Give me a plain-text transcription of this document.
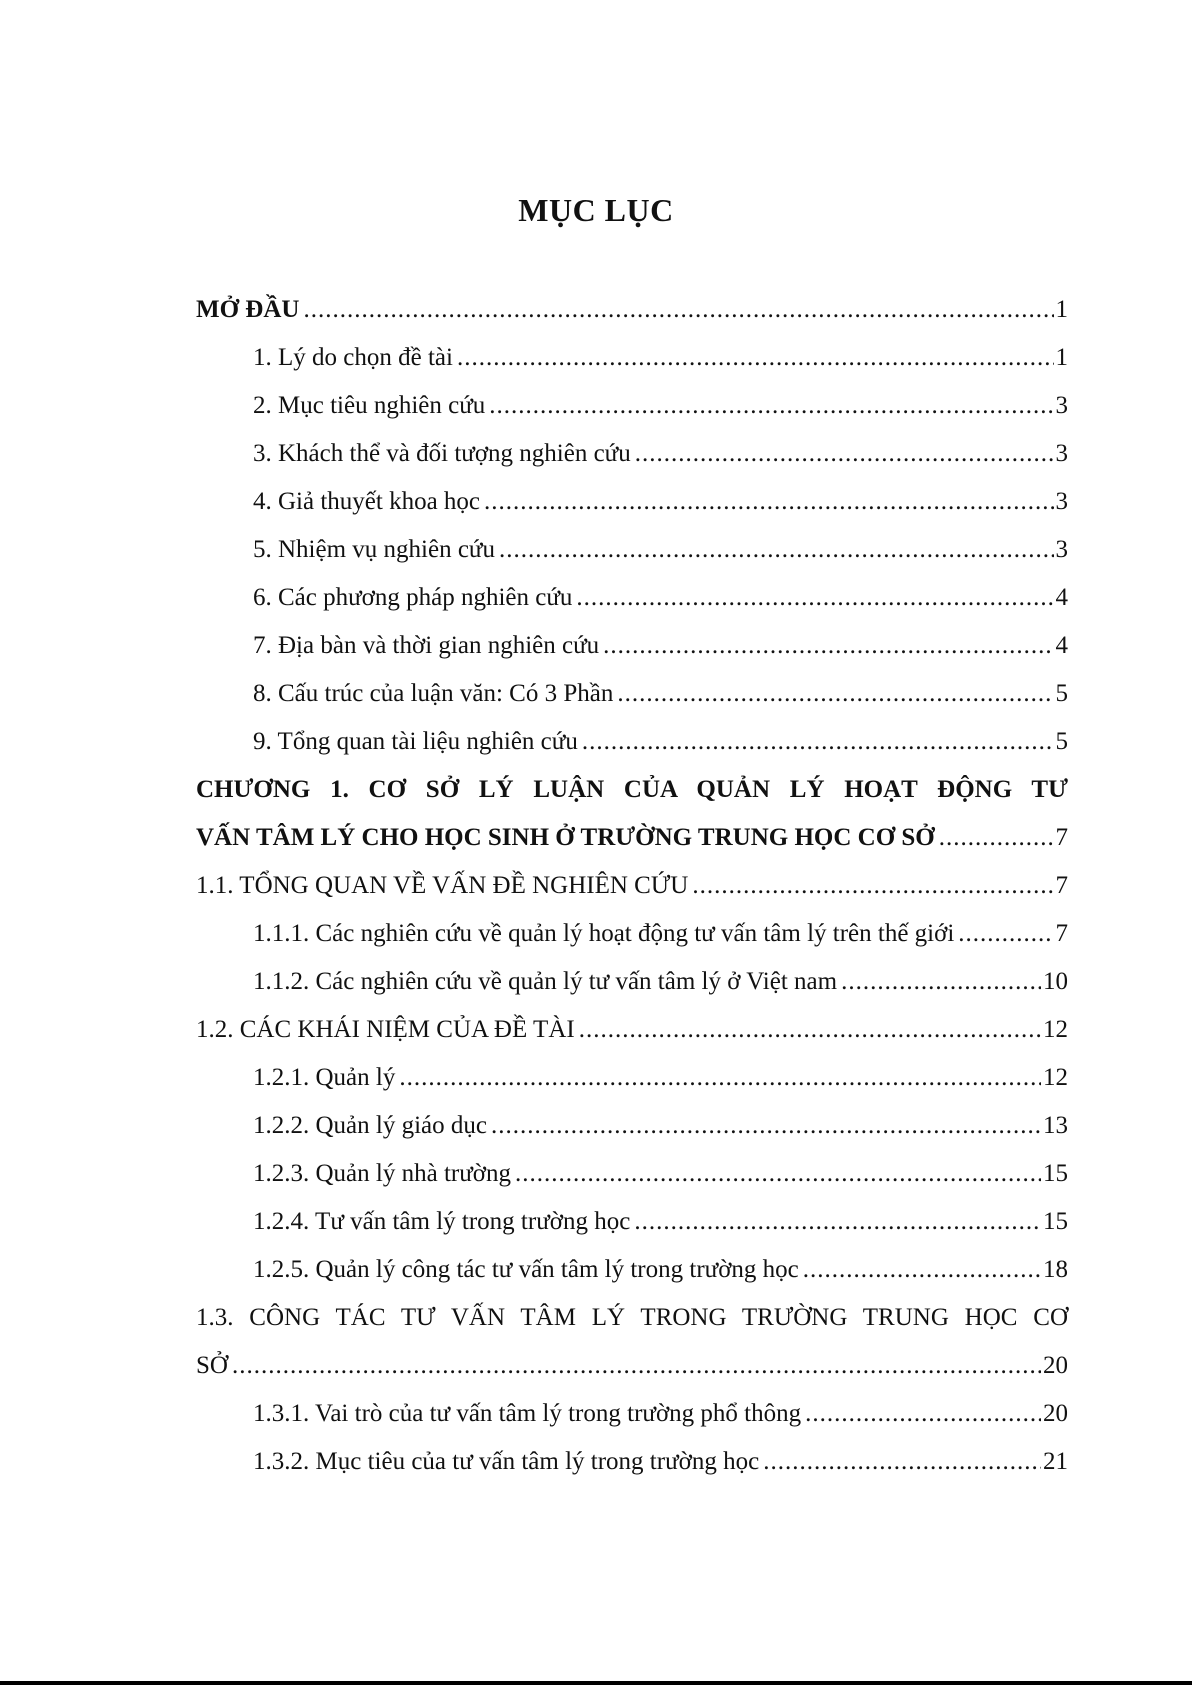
MỤC LỤC
MỞ ĐẦU .....	1
1. Lý do chọn đề tài .....	1
2. Mục tiêu nghiên cứu .....	3
3. Khách thể và đối tượng nghiên cứu .....	3
4. Giả thuyết khoa học .....	3
5. Nhiệm vụ nghiên cứu .....	3
6. Các phương pháp nghiên cứu .....	4
7. Địa bàn và thời gian nghiên cứu .....	4
8. Cấu trúc của luận văn: Có 3 Phần .....	5
9. Tổng quan tài liệu nghiên cứu .....	5
CHƯƠNG 1. CƠ SỞ LÝ LUẬN CỦA QUẢN LÝ HOẠT ĐỘNG TƯ
VẤN TÂM LÝ CHO HỌC SINH Ở TRƯỜNG TRUNG HỌC CƠ SỞ .....	7
1.1. TỔNG QUAN VỀ VẤN ĐỀ NGHIÊN CỨU .....	7
1.1.1. Các nghiên cứu về quản lý hoạt động tư vấn tâm lý trên thế giới .....	7
1.1.2. Các nghiên cứu về quản lý tư vấn tâm lý ở Việt nam .....	10
1.2. CÁC KHÁI NIỆM CỦA ĐỀ TÀI .....	12
1.2.1. Quản lý .....	12
1.2.2. Quản lý giáo dục .....	13
1.2.3. Quản lý nhà trường .....	15
1.2.4. Tư vấn tâm lý trong trường học .....	15
1.2.5. Quản lý công tác tư vấn tâm lý trong trường học .....	18
1.3. CÔNG TÁC TƯ VẤN TÂM LÝ TRONG TRƯỜNG TRUNG HỌC CƠ
SỞ .....	20
1.3.1. Vai trò của tư vấn tâm lý trong trường phổ thông .....	20
1.3.2. Mục tiêu của tư vấn tâm lý trong trường học .....	21
